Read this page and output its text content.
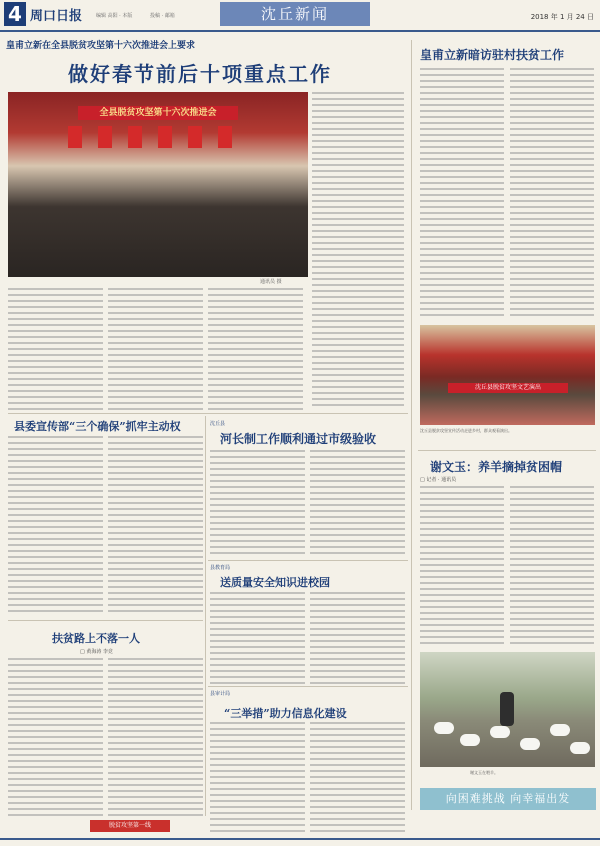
4 周口日报	编辑 高阳 · 本版	投稿 · 邮箱	沈丘新闻	2018 年 1 月 24 日
皇甫立新在全县脱贫攻坚第十六次推进会上要求
做好春节前后十项重点工作
全县脱贫攻坚第十六次推进会
通讯员 摄
皇甫立新暗访驻村扶贫工作
沈丘县脱贫攻坚文艺演出
沈丘县脱贫攻坚宣传活动走进乡村，群众观看演出。
谢文玉：养羊摘掉贫困帽
□ 记者 · 通讯员
谢文玉在喂羊。
向困难挑战 向幸福出发
县委宣传部“三个确保”抓牢主动权	沈丘县
河长制工作顺利通过市级验收
县教育局
送质量安全知识进校园
扶贫路上不落一人
□ 黄海涛 李竞
县审计局
“三举措”助力信息化建设
脱贫攻坚第一线
